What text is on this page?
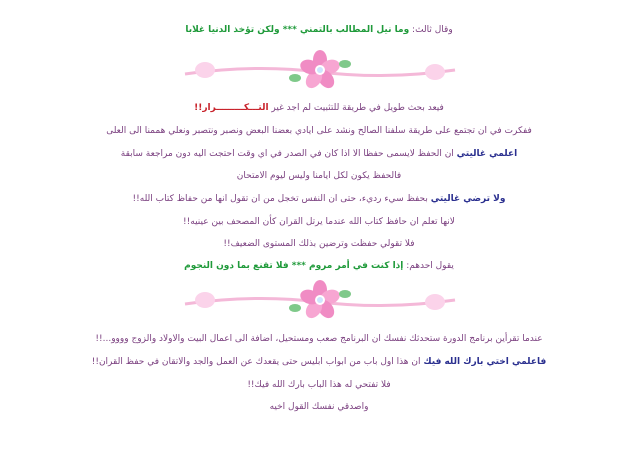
وقال ثالث: وما نيل المطالب بالتمني *** ولكن تؤخذ الدنيا غلابا
فيعد بحث طويل في طريقة للتثبيت لم اجد غير التـــكـــــــــرار!!
ففكرت في ان تجتمع على طريقة سلفنا الصالح ونشد على ايادي بعضنا البعض ونصبر ونتصبر ونعلي هممنا الى العلى
اعلمي غاليتي ان الحفظ لايسمى حفظا الا اذا كان في الصدر في اي وقت احتجت اليه دون مراجعة سابقة
فالحفظ يكون لكل ايامنا وليس ليوم الامتحان
ولا ترضي غاليتي بحفظ سيء رديء، حتى ان النفس تخجل من ان تقول انها من حفاظ كتاب الله!!
لانها تعلم ان حافظ كتاب الله عندما يرتل القران كأن المصحف بين عينيه!!
فلا تقولي حفظت وترضين بذلك المستوى الضعيف!!
يقول احدهم: إذا كنت في أمر مروم *** فلا تقنع بما دون النجوم
عندما تقرأين برنامج الدورة ستحدثك نفسك ان البرنامج صعب ومستحيل، اضافة الى اعمال البيت والاولاد والزوج وووو...!!
فاعلمي اختي بارك الله فيك ان هذا اول باب من ابواب ابليس حتى يقعدك عن العمل والجد والاتقان في حفظ القران!!
فلا تفتحي له هذا الباب بارك الله فيك!!
واصدقي نفسك القول اخيه
